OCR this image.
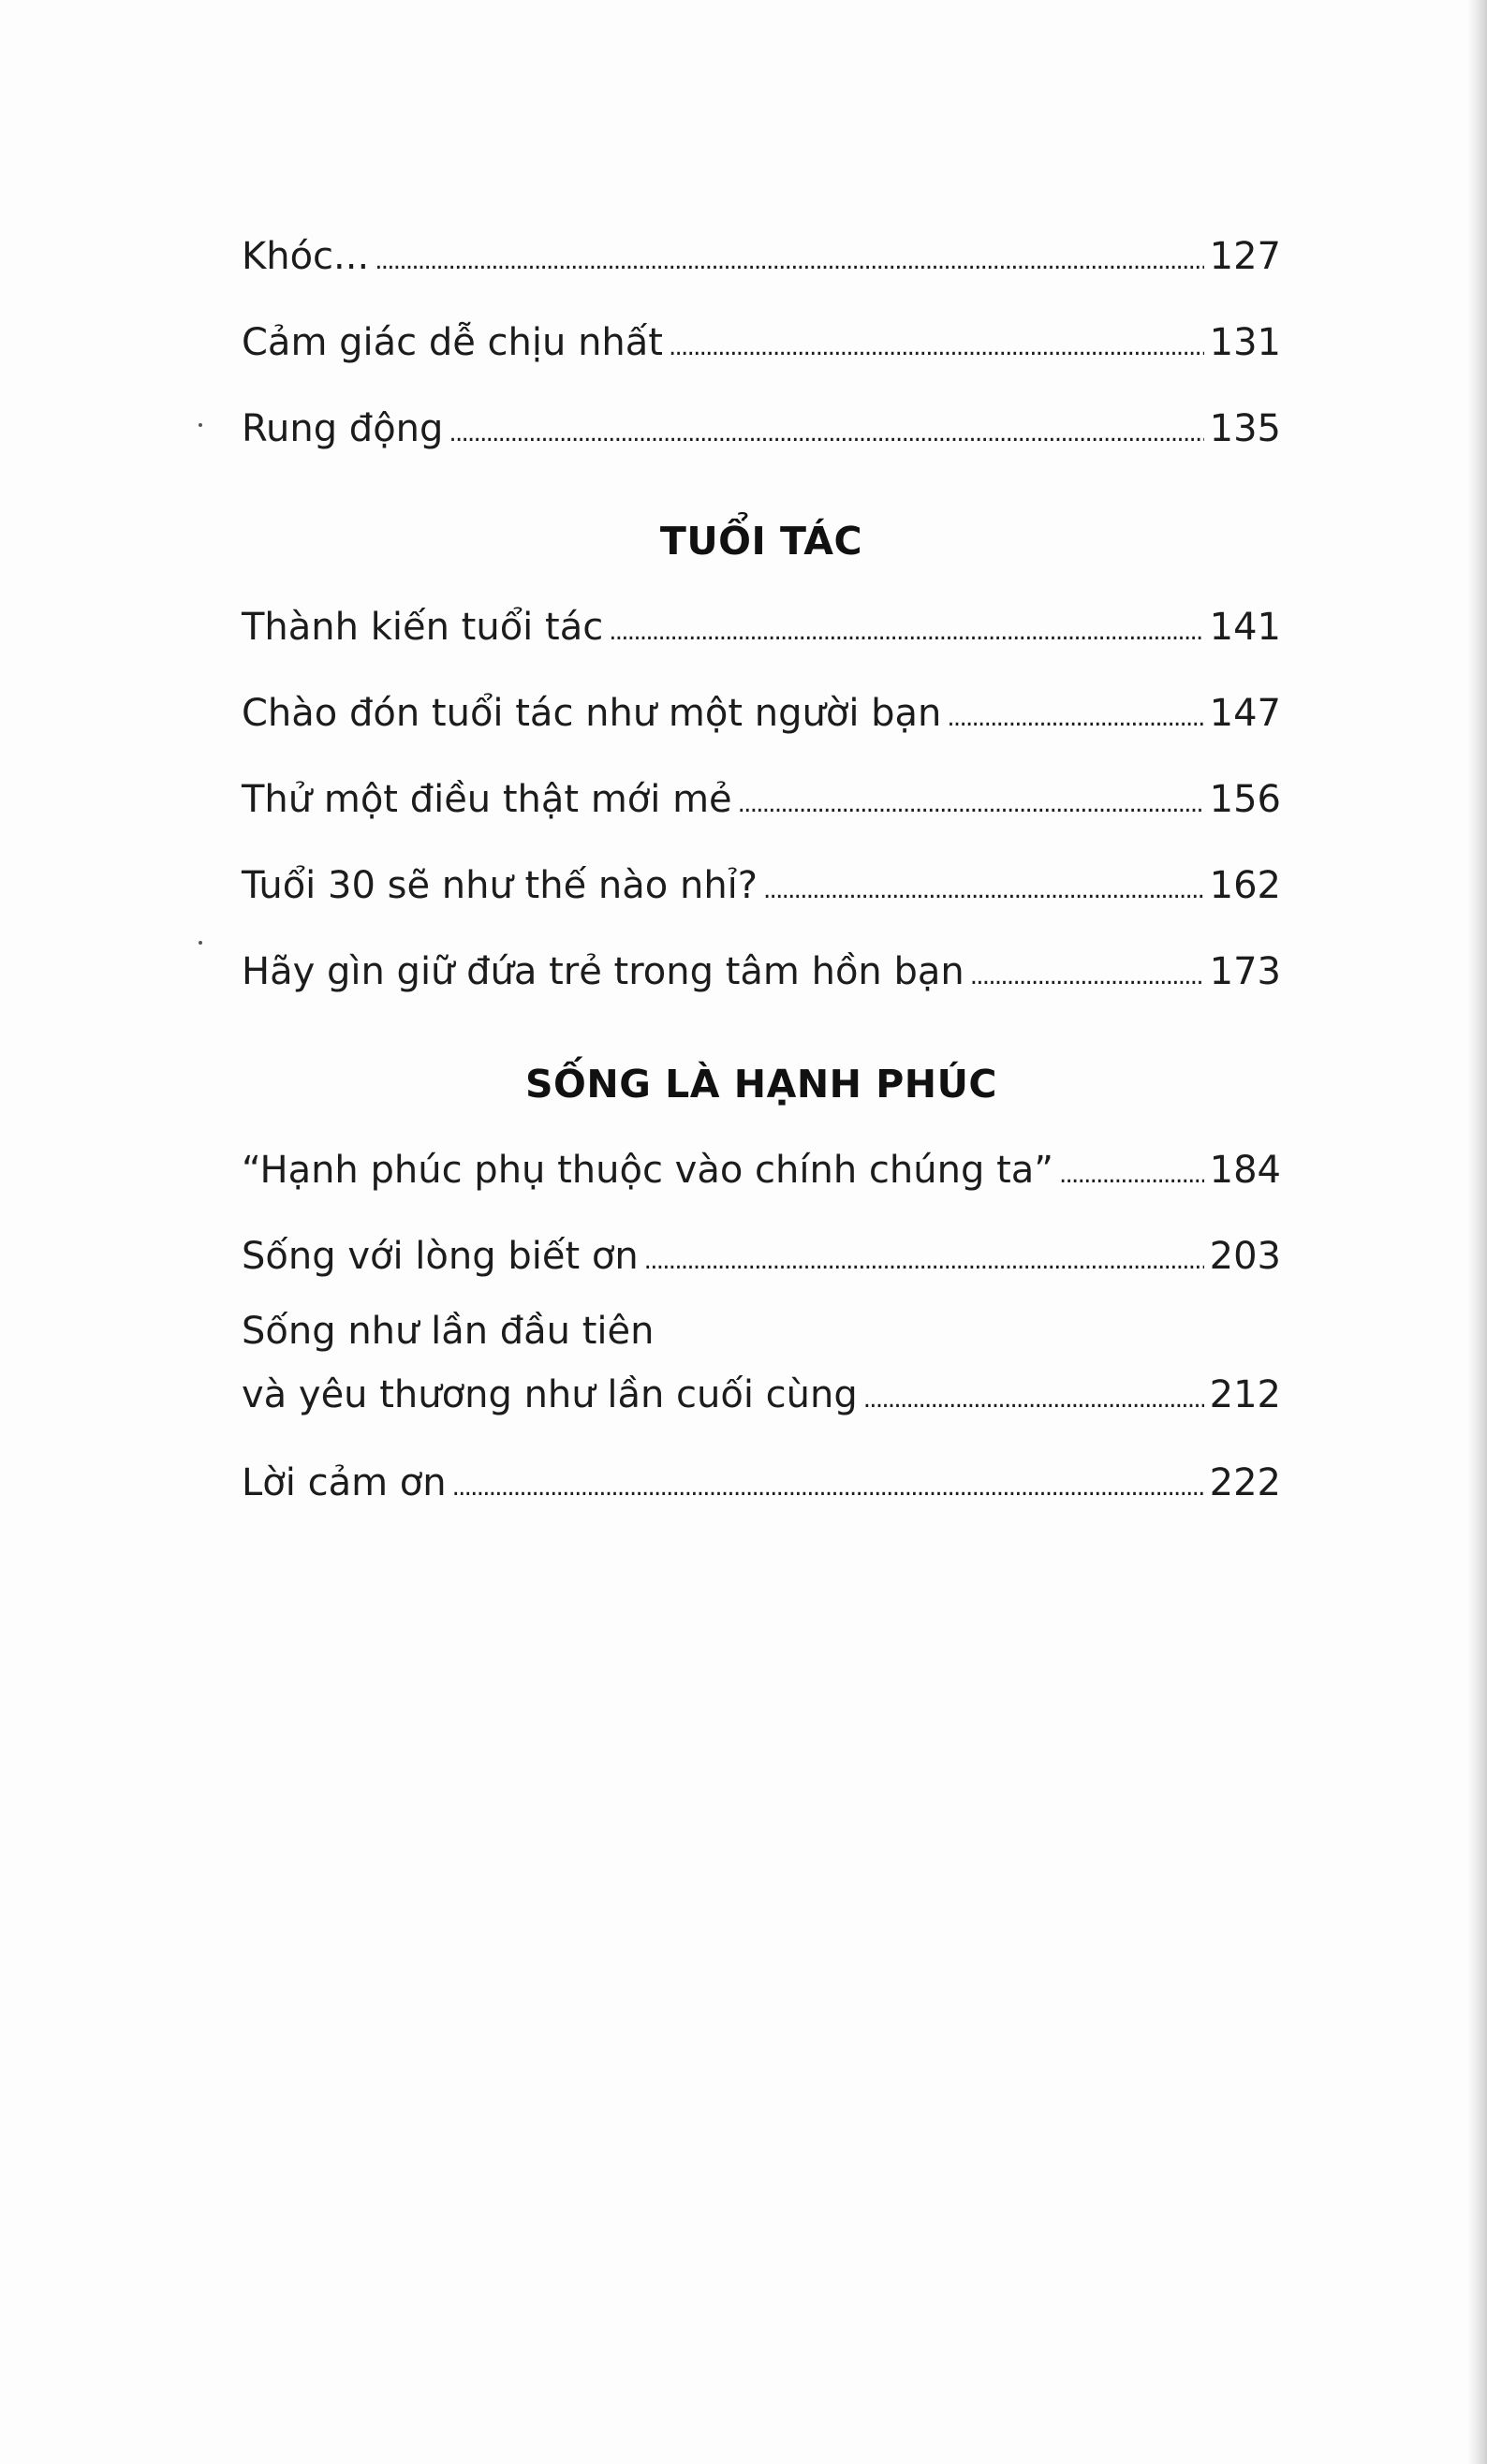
Khóc... . . .	127
Cảm giác dễ chịu nhất . . .	131
Rung động . . .	135
TUỔI TÁC
Thành kiến tuổi tác . . .	141
Chào đón tuổi tác như một người bạn . . .	147
Thử một điều thật mới mẻ . . .	156
Tuổi 30 sẽ như thế nào nhỉ? . . .	162
Hãy gìn giữ đứa trẻ trong tâm hồn bạn . . .	173
SỐNG LÀ HẠNH PHÚC
“Hạnh phúc phụ thuộc vào chính chúng ta” . . .	184
Sống với lòng biết ơn . . .	203
Sống như lần đầu tiên
và yêu thương như lần cuối cùng . . .	212
Lời cảm ơn . . .	222
